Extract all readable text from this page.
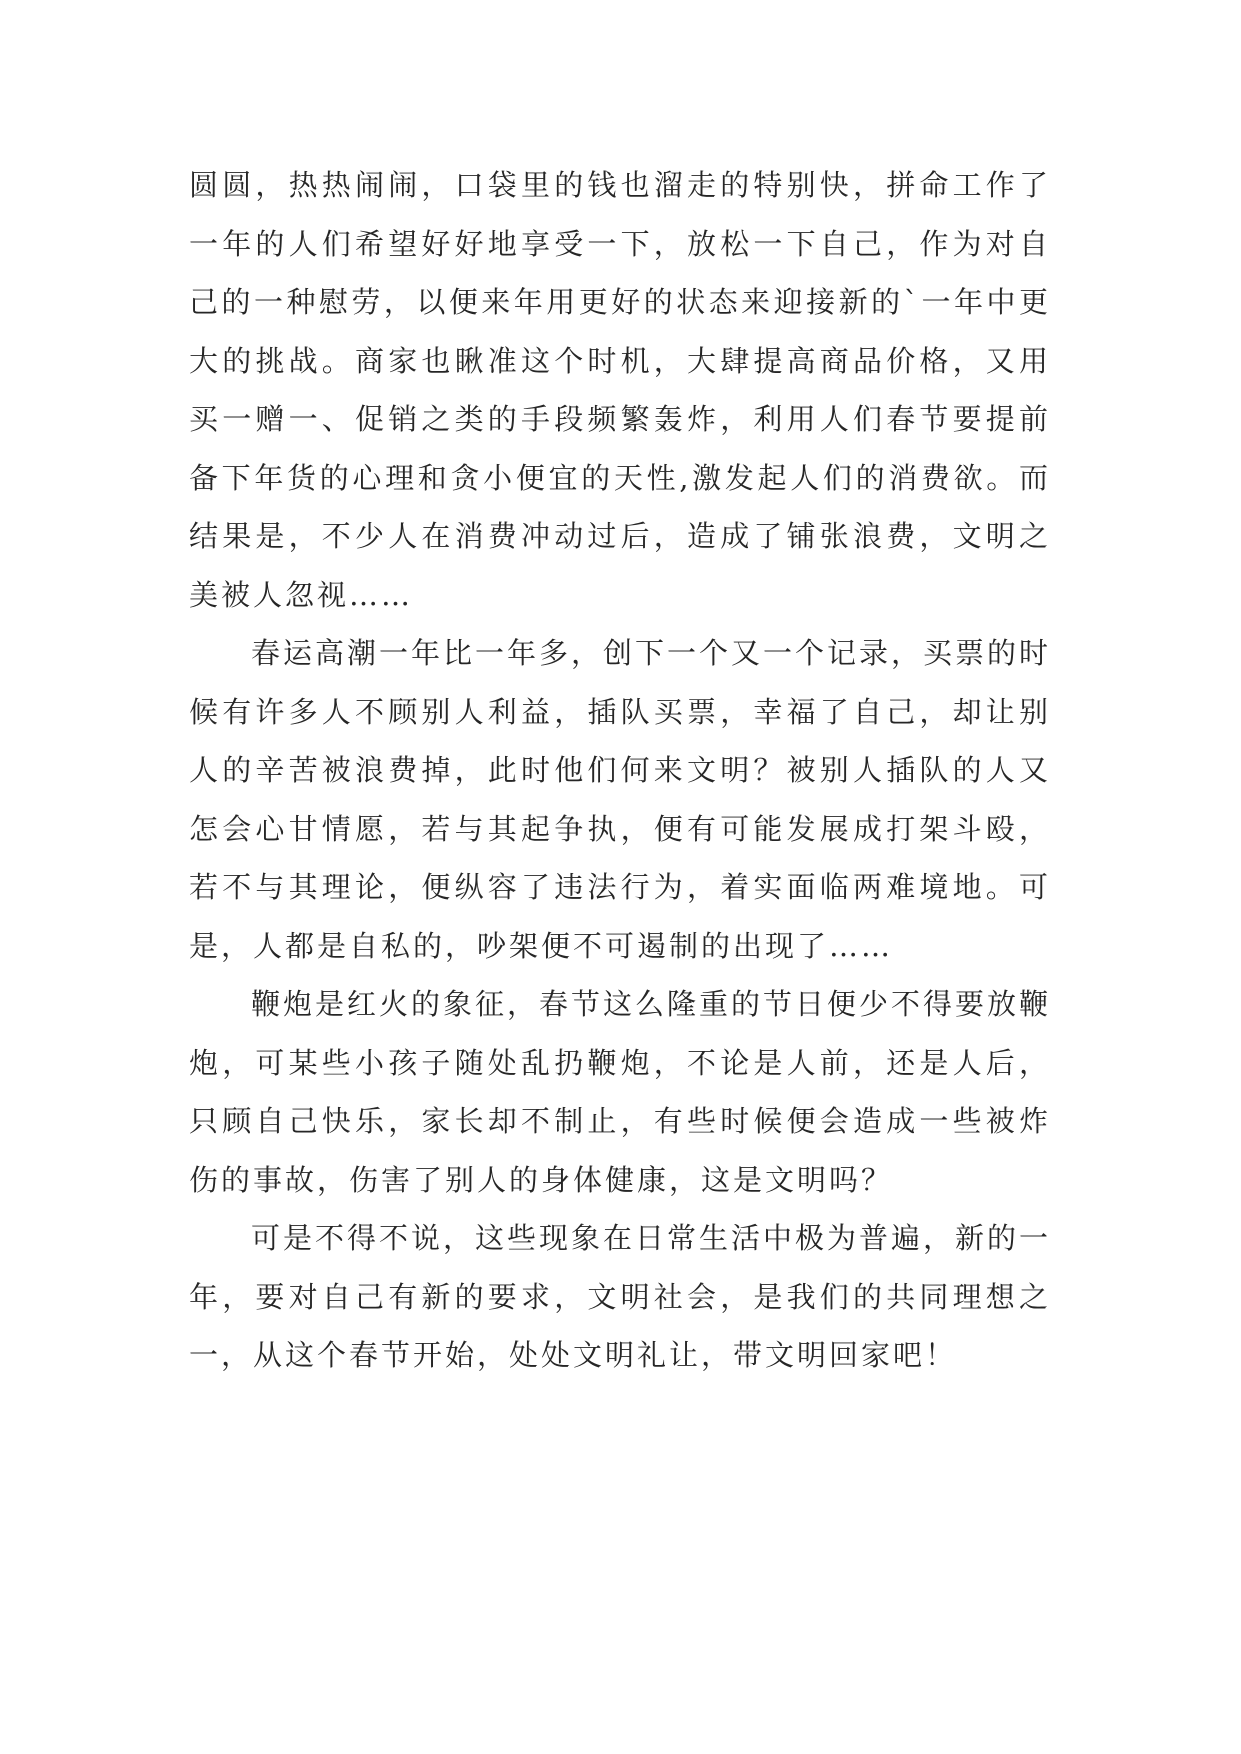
圆圆，热热闹闹，口袋里的钱也溜走的特别快，拼命工作了一年的人们希望好好地享受一下，放松一下自己，作为对自己的一种慰劳，以便来年用更好的状态来迎接新的`一年中更大的挑战。商家也瞅准这个时机，大肆提高商品价格，又用买一赠一、促销之类的手段频繁轰炸，利用人们春节要提前备下年货的心理和贪小便宜的天性,激发起人们的消费欲。而结果是，不少人在消费冲动过后，造成了铺张浪费，文明之美被人忽视……

春运高潮一年比一年多，创下一个又一个记录，买票的时候有许多人不顾别人利益，插队买票，幸福了自己，却让别人的辛苦被浪费掉，此时他们何来文明？被别人插队的人又怎会心甘情愿，若与其起争执，便有可能发展成打架斗殴，若不与其理论，便纵容了违法行为，着实面临两难境地。可是，人都是自私的，吵架便不可遏制的出现了……

鞭炮是红火的象征，春节这么隆重的节日便少不得要放鞭炮，可某些小孩子随处乱扔鞭炮，不论是人前，还是人后，只顾自己快乐，家长却不制止，有些时候便会造成一些被炸伤的事故，伤害了别人的身体健康，这是文明吗？

可是不得不说，这些现象在日常生活中极为普遍，新的一年，要对自己有新的要求，文明社会，是我们的共同理想之一，从这个春节开始，处处文明礼让，带文明回家吧！
